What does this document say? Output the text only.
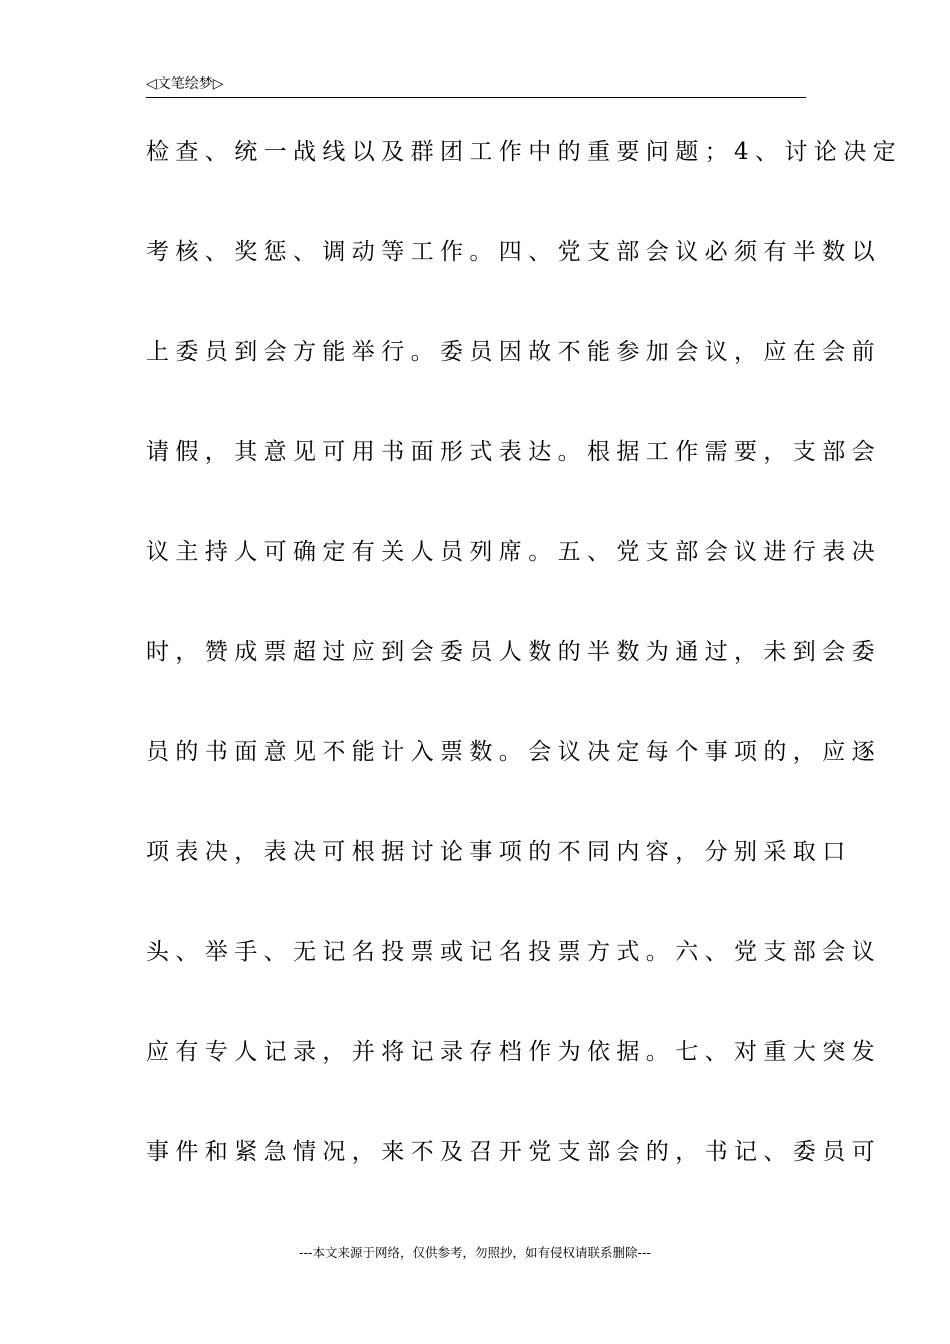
◁文笔绘梦▷
检查、统一战线以及群团工作中的重要问题；4、讨论决定
考核、奖惩、调动等工作。四、党支部会议必须有半数以
上委员到会方能举行。委员因故不能参加会议，应在会前
请假，其意见可用书面形式表达。根据工作需要，支部会
议主持人可确定有关人员列席。五、党支部会议进行表决
时，赞成票超过应到会委员人数的半数为通过，未到会委
员的书面意见不能计入票数。会议决定每个事项的，应逐
项表决，表决可根据讨论事项的不同内容，分别采取口
头、举手、无记名投票或记名投票方式。六、党支部会议
应有专人记录，并将记录存档作为依据。七、对重大突发
事件和紧急情况，来不及召开党支部会的，书记、委员可
---本文来源于网络，仅供参考，勿照抄，如有侵权请联系删除---
